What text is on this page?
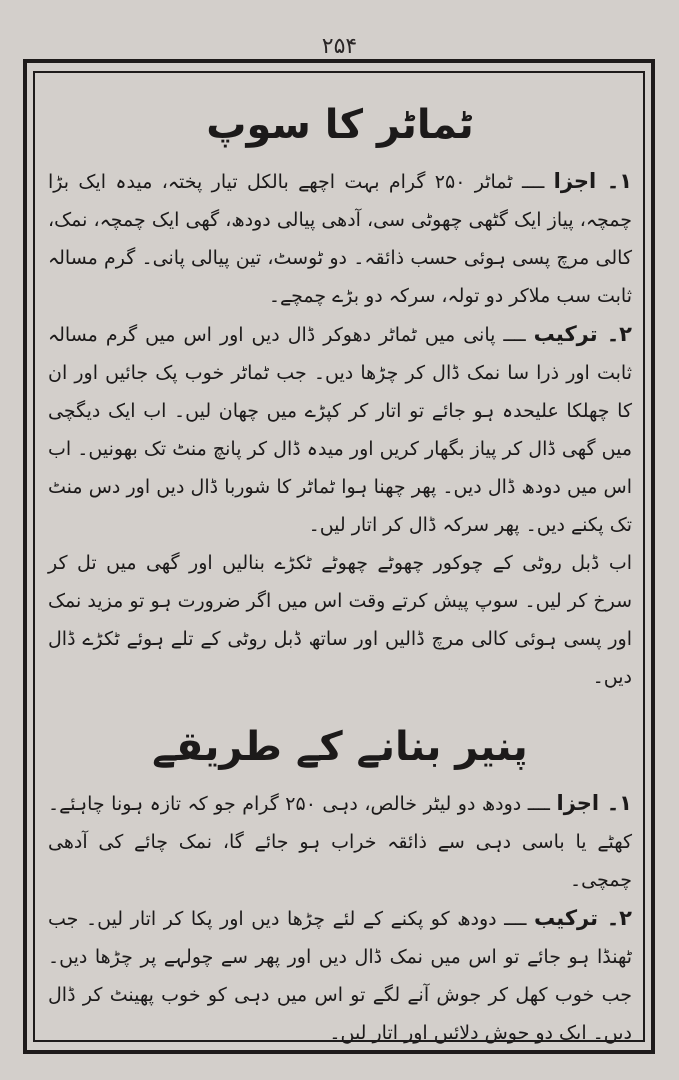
۲۵۴
ٹماٹر کا سوپ

۱۔ اجزا ــــ ٹماٹر ۲۵۰ گرام بہت اچھے بالکل تیار پختہ، میدہ ایک بڑا چمچہ، پیاز ایک گٹھی چھوٹی سی، آدھی پیالی دودھ، گھی ایک چمچہ، نمک، کالی مرچ پسی ہوئی حسب ذائقہ۔ دو ٹوسٹ، تین پیالی پانی۔ گرم مسالہ ثابت سب ملاکر دو تولہ، سرکہ دو بڑے چمچے۔

۲۔ ترکیب ــــ پانی میں ٹماٹر دھوکر ڈال دیں اور اس میں گرم مسالہ ثابت اور ذرا سا نمک ڈال کر چڑھا دیں۔ جب ٹماٹر خوب پک جائیں اور ان کا چھلکا علیحدہ ہو جائے تو اتار کر کپڑے میں چھان لیں۔ اب ایک دیگچی میں گھی ڈال کر پیاز بگھار کریں اور میدہ ڈال کر پانچ منٹ تک بھونیں۔ اب اس میں دودھ ڈال دیں۔ پھر چھنا ہوا ٹماٹر کا شوربا ڈال دیں اور دس منٹ تک پکنے دیں۔ پھر سرکہ ڈال کر اتار لیں۔

اب ڈبل روٹی کے چوکور چھوٹے چھوٹے ٹکڑے بنالیں اور گھی میں تل کر سرخ کر لیں۔ سوپ پیش کرتے وقت اس میں اگر ضرورت ہو تو مزید نمک اور پسی ہوئی کالی مرچ ڈالیں اور ساتھ ڈبل روٹی کے تلے ہوئے ٹکڑے ڈال دیں۔

پنیر بنانے کے طریقے

۱۔ اجزا ــــ دودھ دو لیٹر خالص، دہی ۲۵۰ گرام جو کہ تازہ ہونا چاہئے۔ کھٹے یا باسی دہی سے ذائقہ خراب ہو جائے گا، نمک چائے کی آدھی چمچی۔

۲۔ ترکیب ــــ دودھ کو پکنے کے لئے چڑھا دیں اور پکا کر اتار لیں۔ جب ٹھنڈا ہو جائے تو اس میں نمک ڈال دیں اور پھر سے چولہے پر چڑھا دیں۔ جب خوب کھل کر جوش آنے لگے تو اس میں دہی کو خوب پھینٹ کر ڈال دیں۔ ایک دو جوش دلائیں اور اتار لیں۔
